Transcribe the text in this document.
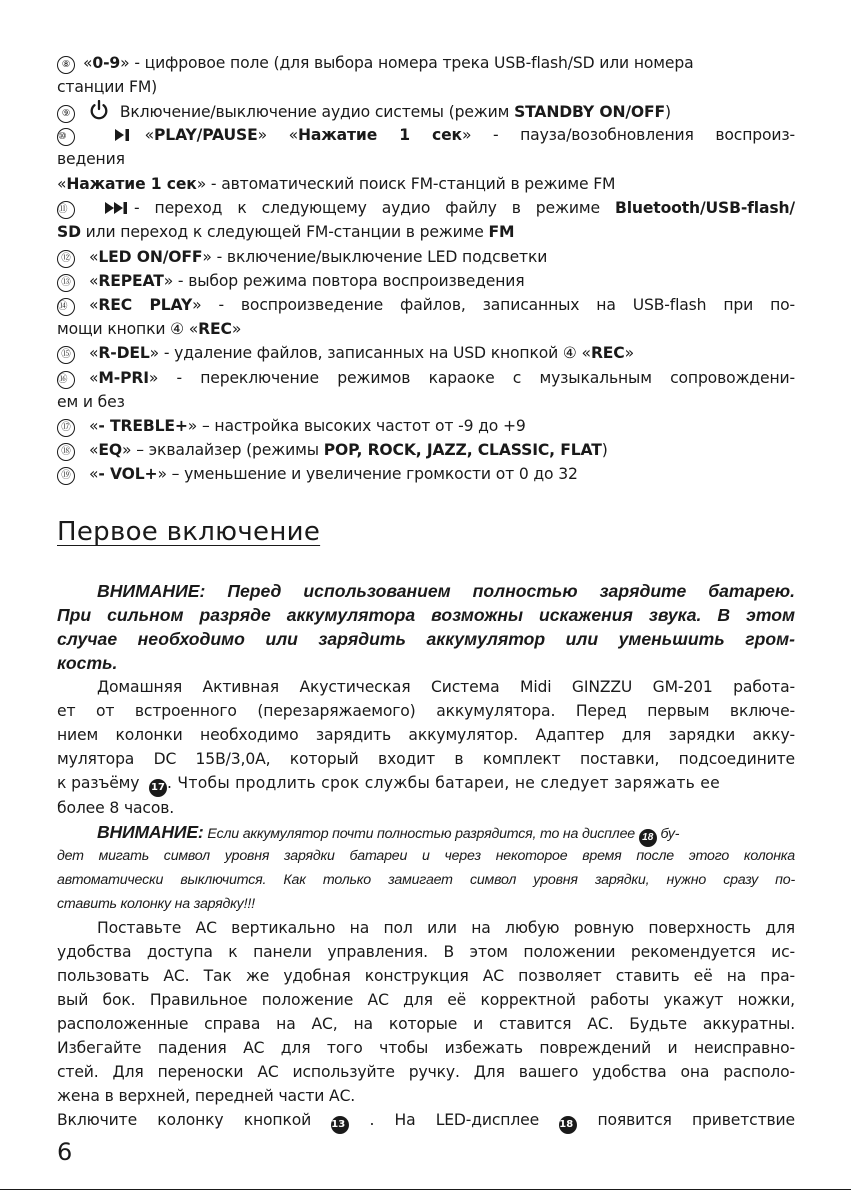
⑧ «0-9» - цифровое поле (для выбора номера трека USB-flash/SD или номера
станции FM)
⑨	Включение/выключение аудио системы (режим STANDBY ON/OFF)
⑩	«PLAY/PAUSE» «Нажатие 1 сек» - пауза/возобновления воспроиз-
ведения
«Нажатие 1 сек» - автоматический поиск FM-станций в режиме FM
⑪	- переход к следующему аудио файлу в режиме Bluetooth/USB-flash/
SD или переход к следующей FM-станции в режиме FM
⑫ «LED ON/OFF» - включение/выключение LED подсветки
⑬ «REPEAT» - выбор режима повтора воспроизведения
⑭ «REC PLAY» - воспроизведение файлов, записанных на USB-flash при по-
мощи кнопки ④ «REC»
⑮ «R-DEL» - удаление файлов, записанных на USD кнопкой ④ «REC»
⑯ «M-PRI» - переключение режимов караоке с музыкальным сопровождени-
ем и без
⑰ «- TREBLE+» – настройка высоких частот от -9 до +9
⑱ «EQ» – эквалайзер (режимы POP, ROCK, JAZZ, CLASSIC, FLAT)
⑲ «- VOL+» – уменьшение и увеличение громкости от 0 до 32
Первое включение
ВНИМАНИЕ: Перед использованием полностью зарядите батарею.
При сильном разряде аккумулятора возможны искажения звука. В этом
случае необходимо или зарядить аккумулятор или уменьшить гром-
кость.
Домашняя Активная Акустическая Система Midi GINZZU GM-201 работа-
ет от встроенного (перезаряжаемого) аккумулятора. Перед первым включе-
нием колонки необходимо зарядить аккумулятор. Адаптер для зарядки акку-
мулятора DC 15В/3,0А, который входит в комплект поставки, подсоедините
к разъёму 17 . Чтобы продлить срок службы батареи, не следует заряжать ее
более 8 часов.
ВНИМАНИЕ: Если аккумулятор почти полностью разрядится, то на дисплее 18 бу-
дет мигать символ уровня зарядки батареи и через некоторое время после этого колонка
автоматически выключится. Как только замигает символ уровня зарядки, нужно сразу по-
ставить колонку на зарядку!!!
Поставьте АС вертикально на пол или на любую ровную поверхность для
удобства доступа к панели управления. В этом положении рекомендуется ис-
пользовать АС. Так же удобная конструкция АС позволяет ставить её на пра-
вый бок. Правильное положение АС для её корректной работы укажут ножки,
расположенные справа на АС, на которые и ставится АС. Будьте аккуратны.
Избегайте падения АС для того чтобы избежать повреждений и неисправно-
стей. Для переноски АС используйте ручку. Для вашего удобства она располо-
жена в верхней, передней части АС.
Включите колонку кнопкой 13 . На LED-дисплее 18 появится приветствие
6
